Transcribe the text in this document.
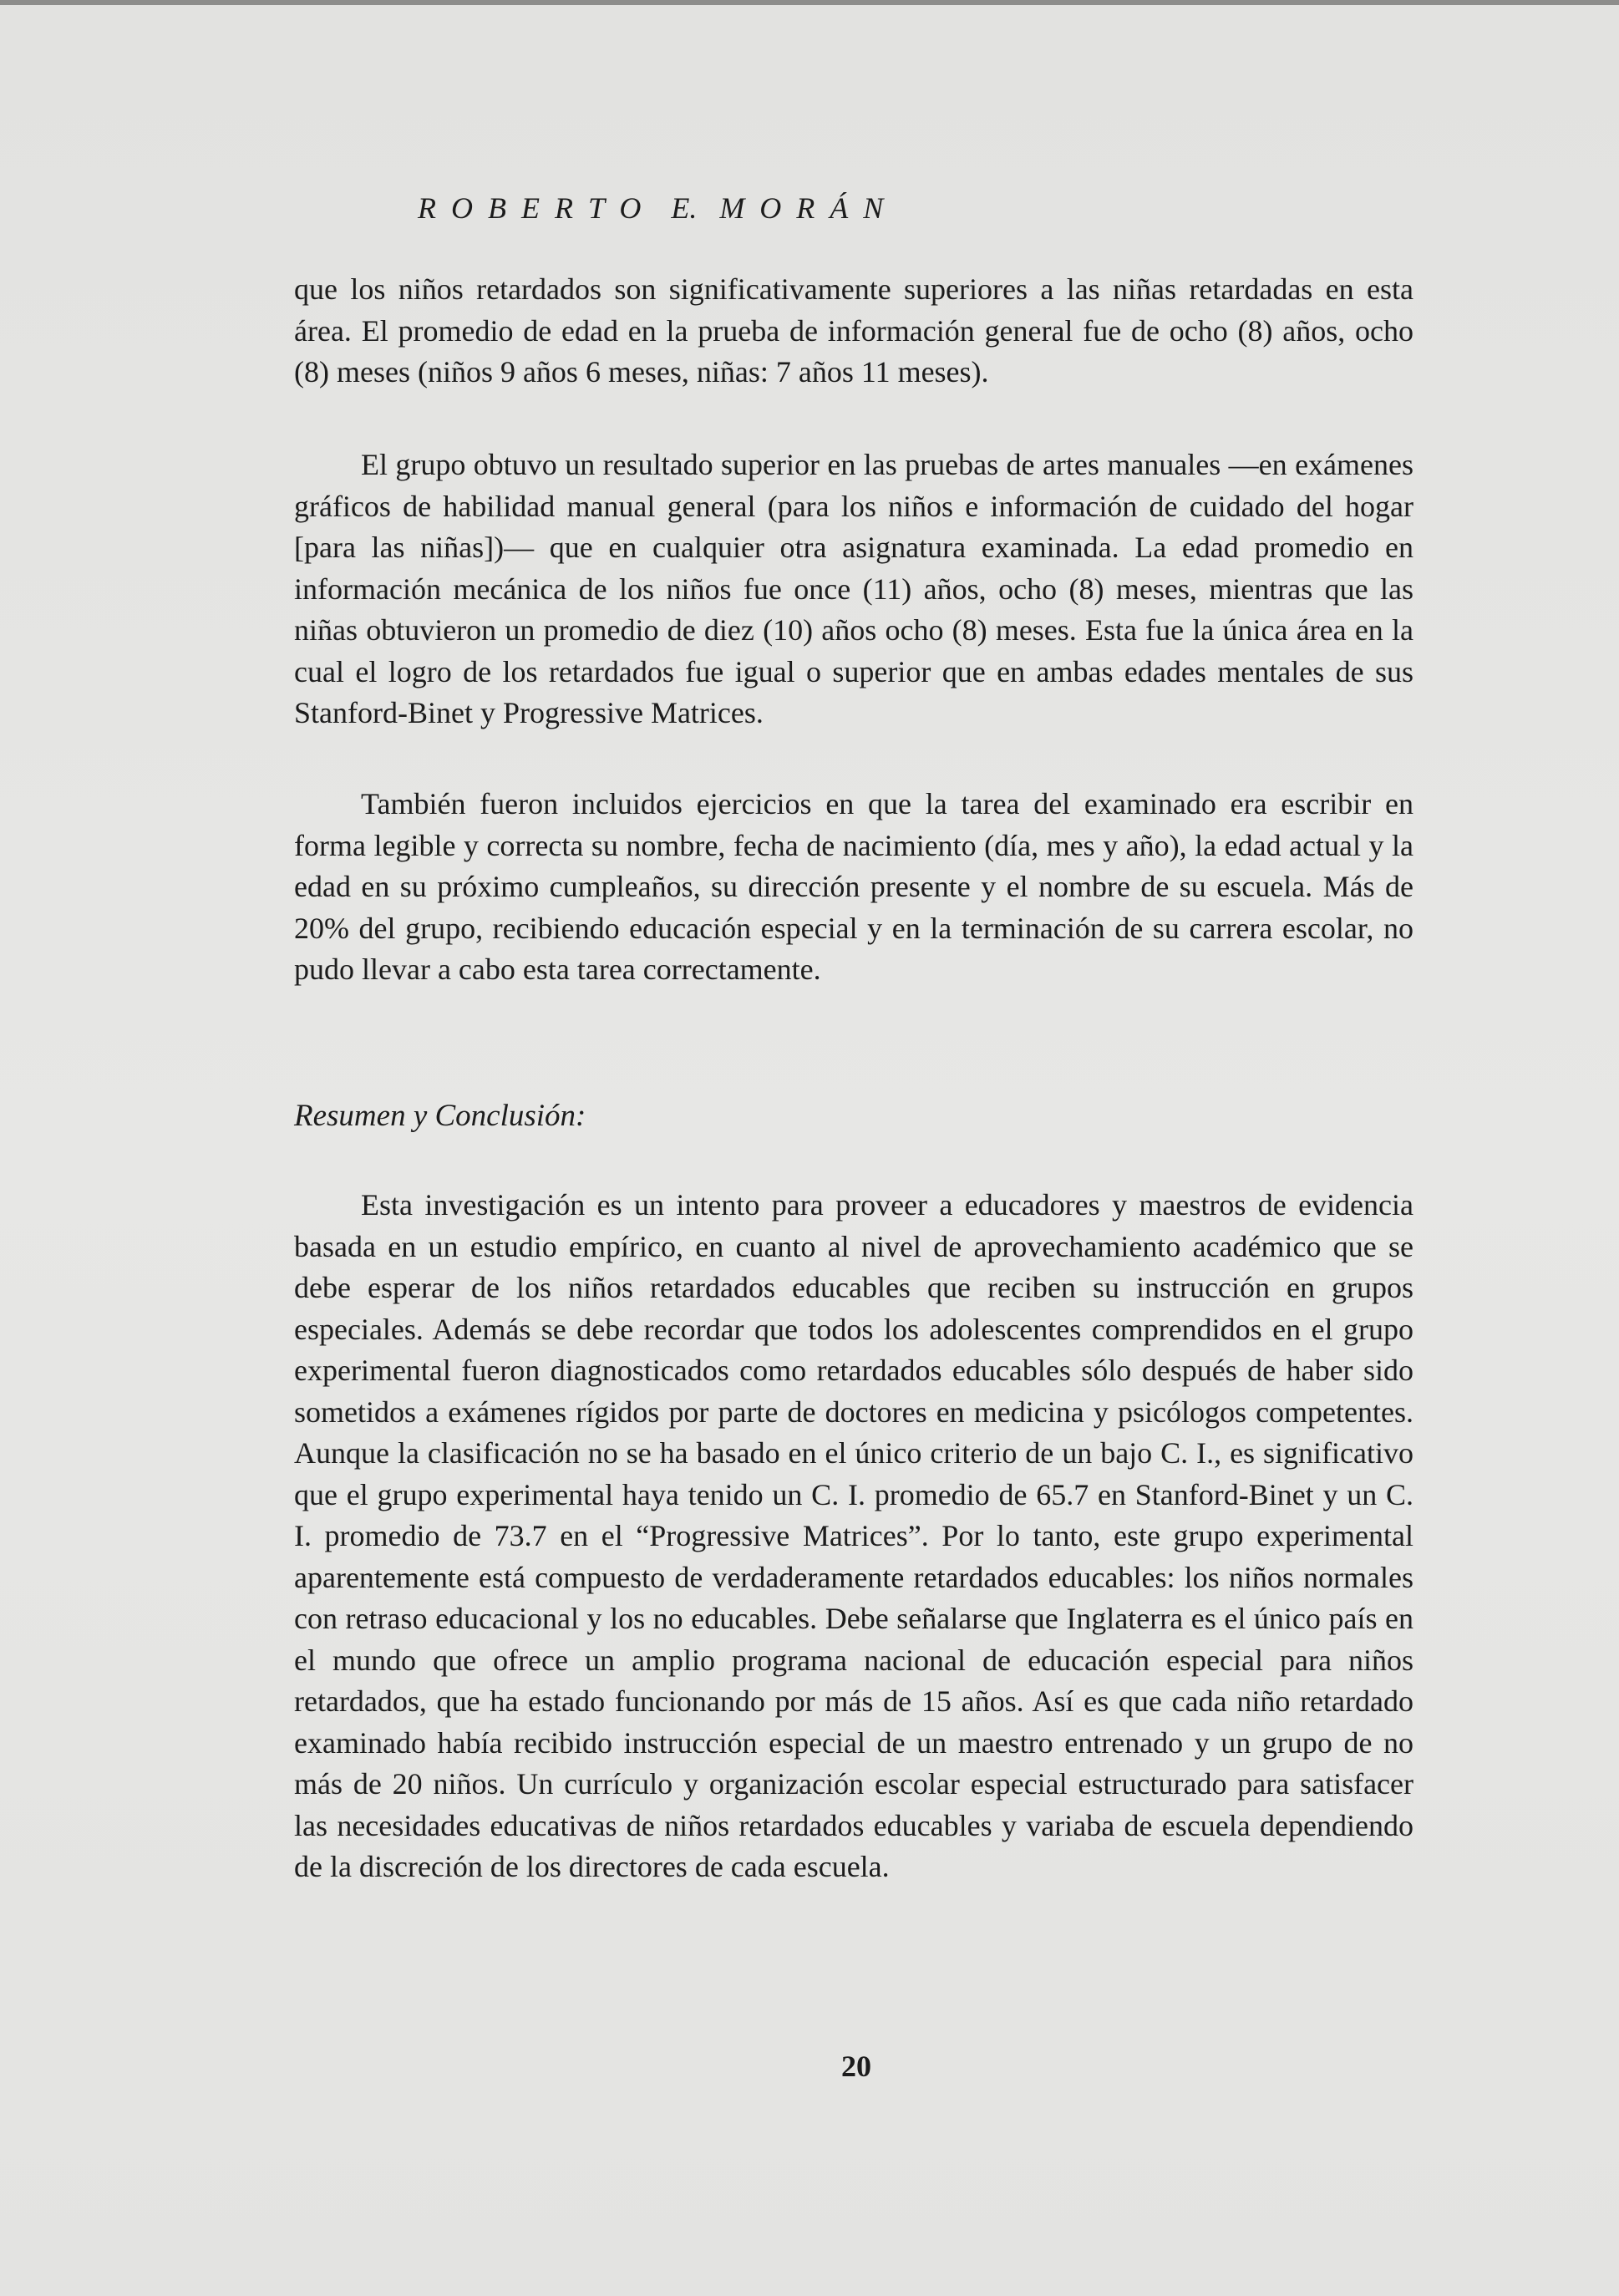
R  O  B  E  R  T  O    E.   M  O  R  Á  N

que los niños retardados son significativamente superiores a las niñas retardadas en esta área. El promedio de edad en la prueba de información general fue de ocho (8) años, ocho (8) meses (niños 9 años 6 meses, niñas: 7 años 11 meses).

El grupo obtuvo un resultado superior en las pruebas de artes manuales —en exámenes gráficos de habilidad manual general (para los niños e información de cuidado del hogar [para las niñas])— que en cualquier otra asignatura examinada. La edad promedio en información mecánica de los niños fue once (11) años, ocho (8) meses, mientras que las niñas obtuvieron un promedio de diez (10) años ocho (8) meses. Esta fue la única área en la cual el logro de los retardados fue igual o superior que en ambas edades mentales de sus Stanford-Binet y Progressive Matrices.

También fueron incluidos ejercicios en que la tarea del examinado era escribir en forma legible y correcta su nombre, fecha de nacimiento (día, mes y año), la edad actual y la edad en su próximo cumpleaños, su dirección presente y el nombre de su escuela. Más de 20% del grupo, recibiendo educación especial y en la terminación de su carrera escolar, no pudo llevar a cabo esta tarea correctamente.

Resumen y Conclusión:

Esta investigación es un intento para proveer a educadores y maestros de evidencia basada en un estudio empírico, en cuanto al nivel de aprovechamiento académico que se debe esperar de los niños retardados educables que reciben su instrucción en grupos especiales. Además se debe recordar que todos los adolescentes comprendidos en el grupo experimental fueron diagnosticados como retardados educables sólo después de haber sido sometidos a exámenes rígidos por parte de doctores en medicina y psicólogos competentes. Aunque la clasificación no se ha basado en el único criterio de un bajo C. I., es significativo que el grupo experimental haya tenido un C. I. promedio de 65.7 en Stanford-Binet y un C. I. promedio de 73.7 en el “Progressive Matrices”. Por lo tanto, este grupo experimental aparentemente está compuesto de verdaderamente retardados educables: los niños normales con retraso educacional y los no educables. Debe señalarse que Inglaterra es el único país en el mundo que ofrece un amplio programa nacional de educación especial para niños retardados, que ha estado funcionando por más de 15 años. Así es que cada niño retardado examinado había recibido instrucción especial de un maestro entrenado y un grupo de no más de 20 niños. Un currículo y organización escolar especial estructurado para satisfacer las necesidades educativas de niños retardados educables y variaba de escuela dependiendo de la discreción de los directores de cada escuela.

20
